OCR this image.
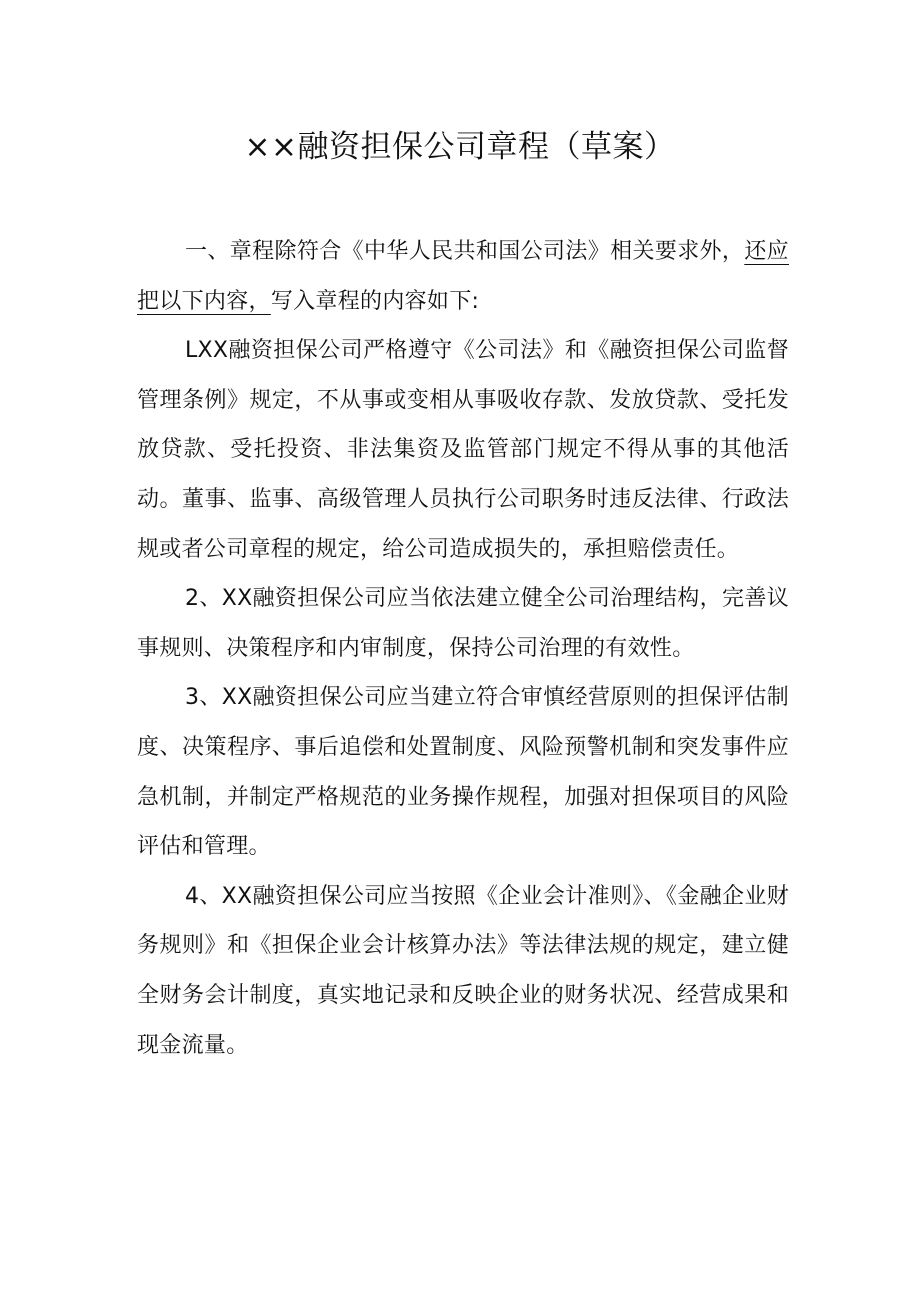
××融资担保公司章程（草案）

一、章程除符合《中华人民共和国公司法》相关要求外，还应把以下内容，写入章程的内容如下:

LXX融资担保公司严格遵守《公司法》和《融资担保公司监督管理条例》规定，不从事或变相从事吸收存款、发放贷款、受托发放贷款、受托投资、非法集资及监管部门规定不得从事的其他活动。董事、监事、高级管理人员执行公司职务时违反法律、行政法规或者公司章程的规定，给公司造成损失的，承担赔偿责任。

2、XX融资担保公司应当依法建立健全公司治理结构，完善议事规则、决策程序和内审制度，保持公司治理的有效性。

3、XX融资担保公司应当建立符合审慎经营原则的担保评估制度、决策程序、事后追偿和处置制度、风险预警机制和突发事件应急机制，并制定严格规范的业务操作规程，加强对担保项目的风险评估和管理。

4、XX融资担保公司应当按照《企业会计准则》、《金融企业财务规则》和《担保企业会计核算办法》等法律法规的规定，建立健全财务会计制度，真实地记录和反映企业的财务状况、经营成果和现金流量。
